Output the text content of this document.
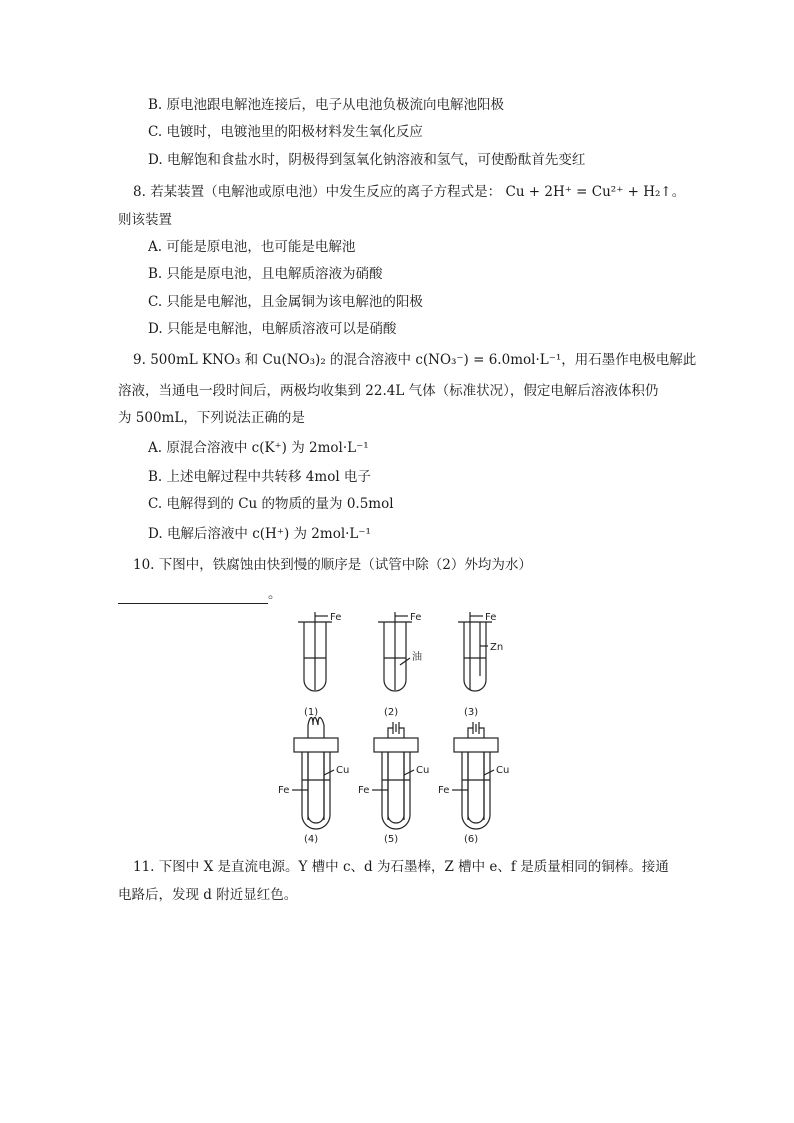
B. 原电池跟电解池连接后，电子从电池负极流向电解池阳极
C. 电镀时，电镀池里的阳极材料发生氧化反应
D. 电解饱和食盐水时，阴极得到氢氧化钠溶液和氢气，可使酚酞首先变红
8. 若某装置（电解池或原电池）中发生反应的离子方程式是： Cu + 2H⁺ = Cu²⁺ + H₂↑。
则该装置
A. 可能是原电池，也可能是电解池
B. 只能是原电池，且电解质溶液为硝酸
C. 只能是电解池，且金属铜为该电解池的阳极
D. 只能是电解池，电解质溶液可以是硝酸
9. 500mL KNO₃ 和 Cu(NO₃)₂ 的混合溶液中 c(NO₃⁻) = 6.0mol·L⁻¹，用石墨作电极电解此
溶液，当通电一段时间后，两极均收集到 22.4L 气体（标准状况），假定电解后溶液体积仍
为 500mL，下列说法正确的是
A. 原混合溶液中 c(K⁺) 为 2mol·L⁻¹
B. 上述电解过程中共转移 4mol 电子
C. 电解得到的 Cu 的物质的量为 0.5mol
D. 电解后溶液中 c(H⁺) 为 2mol·L⁻¹
10. 下图中，铁腐蚀由快到慢的顺序是（试管中除（2）外均为水）
。
Fe	Fe
油
Fe
Zn
(1)	(2)	(3)
Cu
Fe
Cu
Fe
Cu
Fe
(4)	(5)	(6)
11. 下图中 X 是直流电源。Y 槽中 c、d 为石墨棒，Z 槽中 e、f 是质量相同的铜棒。接通
电路后，发现 d 附近显红色。
